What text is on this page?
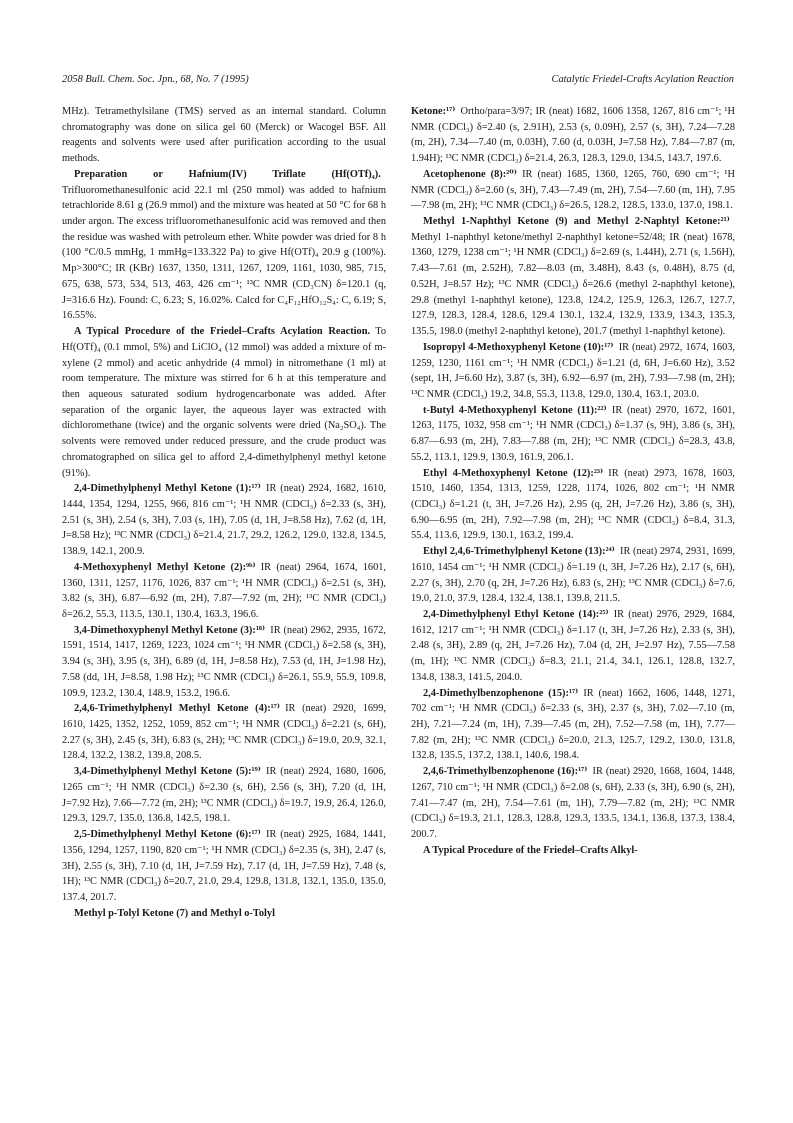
2058 Bull. Chem. Soc. Jpn., 68, No. 7 (1995)	Catalytic Friedel-Crafts Acylation Reaction

MHz). Tetramethylsilane (TMS) served as an internal standard. Column chromatography was done on silica gel 60 (Merck) or Wacogel B5F. All reagents and solvents were used after purification according to the usual methods.

Preparation or Hafnium(IV) Triflate (Hf(OTf)₄). Trifluoromethanesulfonic acid 22.1 ml (250 mmol) was added to hafnium tetrachloride 8.61 g (26.9 mmol) and the mixture was heated at 50 °C for 68 h under argon. The excess trifluoromethanesulfonic acid was removed and then the residue was washed with petroleum ether. White powder was dried for 8 h (100 °C/0.5 mmHg, 1 mmHg=133.322 Pa) to give Hf(OTf)₄ 20.9 g (100%). Mp>300°C; IR (KBr) 1637, 1350, 1311, 1267, 1209, 1161, 1030, 985, 715, 675, 638, 573, 534, 513, 463, 426 cm⁻¹; ¹³C NMR (CD₃CN) δ=120.1 (q, J=316.6 Hz). Found: C, 6.23; S, 16.02%. Calcd for C₄F₁₂HfO₁₂S₄: C, 6.19; S, 16.55%.

A Typical Procedure of the Friedel–Crafts Acylation Reaction.  To Hf(OTf)₄ (0.1 mmol, 5%) and LiClO₄ (12 mmol) was added a mixture of m-xylene (2 mmol) and acetic anhydride (4 mmol) in nitromethane (1 ml) at room temperature. The mixture was stirred for 6 h at this temperature and then aqueous saturated sodium hydrogencarbonate was added. After separation of the organic layer, the aqueous layer was extracted with dichloromethane (twice) and the organic solvents were dried (Na₂SO₄). The solvents were removed under reduced pressure, and the crude product was chromatographed on silica gel to afford 2,4-dimethylphenyl methyl ketone (91%).

2,4-Dimethylphenyl Methyl Ketone (1):¹⁷⁾  IR (neat) 2924, 1682, 1610, 1444, 1354, 1294, 1255, 966, 816 cm⁻¹; ¹H NMR (CDCl₃) δ=2.33 (s, 3H), 2.51 (s, 3H), 2.54 (s, 3H), 7.03 (s, 1H), 7.05 (d, 1H, J=8.58 Hz), 7.62 (d, 1H, J=8.58 Hz); ¹³C NMR (CDCl₃) δ=21.4, 21.7, 29.2, 126.2, 129.0, 132.8, 134.5, 138.9, 142.1, 200.9.

4-Methoxyphenyl Methyl Ketone (2):⁹ᵇ⁾  IR (neat) 2964, 1674, 1601, 1360, 1311, 1257, 1176, 1026, 837 cm⁻¹; ¹H NMR (CDCl₃) δ=2.51 (s, 3H), 3.82 (s, 3H), 6.87—6.92 (m, 2H), 7.87—7.92 (m, 2H); ¹³C NMR (CDCl₃) δ=26.2, 55.3, 113.5, 130.1, 130.4, 163.3, 196.6.

3,4-Dimethoxyphenyl Methyl Ketone (3):¹⁸⁾  IR (neat) 2962, 2935, 1672, 1591, 1514, 1417, 1269, 1223, 1024 cm⁻¹; ¹H NMR (CDCl₃) δ=2.58 (s, 3H), 3.94 (s, 3H), 3.95 (s, 3H), 6.89 (d, 1H, J=8.58 Hz), 7.53 (d, 1H, J=1.98 Hz), 7.58 (dd, 1H, J=8.58, 1.98 Hz); ¹³C NMR (CDCl₃) δ=26.1, 55.9, 55.9, 109.8, 109.9, 123.2, 130.4, 148.9, 153.2, 196.6.

2,4,6-Trimethylphenyl Methyl Ketone (4):¹⁷⁾  IR (neat) 2920, 1699, 1610, 1425, 1352, 1252, 1059, 852 cm⁻¹; ¹H NMR (CDCl₃) δ=2.21 (s, 6H), 2.27 (s, 3H), 2.45 (s, 3H), 6.83 (s, 2H); ¹³C NMR (CDCl₃) δ=19.0, 20.9, 32.1, 128.4, 132.2, 138.2, 139.8, 208.5.

3,4-Dimethylphenyl Methyl Ketone (5):¹⁹⁾  IR (neat) 2924, 1680, 1606, 1265 cm⁻¹; ¹H NMR (CDCl₃) δ=2.30 (s, 6H), 2.56 (s, 3H), 7.20 (d, 1H, J=7.92 Hz), 7.66—7.72 (m, 2H); ¹³C NMR (CDCl₃) δ=19.7, 19.9, 26.4, 126.0, 129.3, 129.7, 135.0, 136.8, 142.5, 198.1.

2,5-Dimethylphenyl Methyl Ketone (6):¹⁷⁾  IR (neat) 2925, 1684, 1441, 1356, 1294, 1257, 1190, 820 cm⁻¹; ¹H NMR (CDCl₃) δ=2.35 (s, 3H), 2.47 (s, 3H), 2.55 (s, 3H), 7.10 (d, 1H, J=7.59 Hz), 7.17 (d, 1H, J=7.59 Hz), 7.48 (s, 1H); ¹³C NMR (CDCl₃) δ=20.7, 21.0, 29.4, 129.8, 131.8, 132.1, 135.0, 135.0, 137.4, 201.7.

Methyl p-Tolyl Ketone (7) and Methyl o-Tolyl

Ketone:¹⁷⁾  Ortho/para=3/97; IR (neat) 1682, 1606 1358, 1267, 816 cm⁻¹; ¹H NMR (CDCl₃) δ=2.40 (s, 2.91H), 2.53 (s, 0.09H), 2.57 (s, 3H), 7.24—7.28 (m, 2H), 7.34—7.40 (m, 0.03H), 7.60 (d, 0.03H, J=7.58 Hz), 7.84—7.87 (m, 1.94H); ¹³C NMR (CDCl₃) δ=21.4, 26.3, 128.3, 129.0, 134.5, 143.7, 197.6.

Acetophenone (8):²⁰⁾  IR (neat) 1685, 1360, 1265, 760, 690 cm⁻¹; ¹H NMR (CDCl₃) δ=2.60 (s, 3H), 7.43—7.49 (m, 2H), 7.54—7.60 (m, 1H), 7.95—7.98 (m, 2H); ¹³C NMR (CDCl₃) δ=26.5, 128.2, 128.5, 133.0, 137.0, 198.1.

Methyl 1-Naphthyl Ketone (9) and Methyl 2-Naphtyl Ketone:²¹⁾ Methyl 1-naphthyl ketone/methyl 2-naphthyl ketone=52/48; IR (neat) 1678, 1360, 1279, 1238 cm⁻¹; ¹H NMR (CDCl₃) δ=2.69 (s, 1.44H), 2.71 (s, 1.56H), 7.43—7.61 (m, 2.52H), 7.82—8.03 (m, 3.48H), 8.43 (s, 0.48H), 8.75 (d, 0.52H, J=8.57 Hz); ¹³C NMR (CDCl₃) δ=26.6 (methyl 2-naphthyl ketone), 29.8 (methyl 1-naphthyl ketone), 123.8, 124.2, 125.9, 126.3, 126.7, 127.7, 127.9, 128.3, 128.4, 128.6, 129.4 130.1, 132.4, 132.9, 133.9, 134.3, 135.3, 135.5, 198.0 (methyl 2-naphthyl ketone), 201.7 (methyl 1-naphthyl ketone).

Isopropyl 4-Methoxyphenyl Ketone (10):¹⁷⁾  IR (neat) 2972, 1674, 1603, 1259, 1230, 1161 cm⁻¹; ¹H NMR (CDCl₃) δ=1.21 (d, 6H, J=6.60 Hz), 3.52 (sept, 1H, J=6.60 Hz), 3.87 (s, 3H), 6.92—6.97 (m, 2H), 7.93—7.98 (m, 2H); ¹³C NMR (CDCl₃) 19.2, 34.8, 55.3, 113.8, 129.0, 130.4, 163.1, 203.0.

t-Butyl 4-Methoxyphenyl Ketone (11):²²⁾  IR (neat) 2970, 1672, 1601, 1263, 1175, 1032, 958 cm⁻¹; ¹H NMR (CDCl₃) δ=1.37 (s, 9H), 3.86 (s, 3H), 6.87—6.93 (m, 2H), 7.83—7.88 (m, 2H); ¹³C NMR (CDCl₃) δ=28.3, 43.8, 55.2, 113.1, 129.9, 130.9, 161.9, 206.1.

Ethyl 4-Methoxyphenyl Ketone (12):²³⁾  IR (neat) 2973, 1678, 1603, 1510, 1460, 1354, 1313, 1259, 1228, 1174, 1026, 802 cm⁻¹; ¹H NMR (CDCl₃) δ=1.21 (t, 3H, J=7.26 Hz), 2.95 (q, 2H, J=7.26 Hz), 3.86 (s, 3H), 6.90—6.95 (m, 2H), 7.92—7.98 (m, 2H); ¹³C NMR (CDCl₃) δ=8.4, 31.3, 55.4, 113.6, 129.9, 130.1, 163.2, 199.4.

Ethyl 2,4,6-Trimethylphenyl Ketone (13):²⁴⁾  IR (neat) 2974, 2931, 1699, 1610, 1454 cm⁻¹; ¹H NMR (CDCl₃) δ=1.19 (t, 3H, J=7.26 Hz), 2.17 (s, 6H), 2.27 (s, 3H), 2.70 (q, 2H, J=7.26 Hz), 6.83 (s, 2H); ¹³C NMR (CDCl₃) δ=7.6, 19.0, 21.0, 37.9, 128.4, 132.4, 138.1, 139.8, 211.5.

2,4-Dimethylphenyl Ethyl Ketone (14):²⁵⁾  IR (neat) 2976, 2929, 1684, 1612, 1217 cm⁻¹; ¹H NMR (CDCl₃) δ=1.17 (t, 3H, J=7.26 Hz), 2.33 (s, 3H), 2.48 (s, 3H), 2.89 (q, 2H, J=7.26 Hz), 7.04 (d, 2H, J=2.97 Hz), 7.55—7.58 (m, 1H); ¹³C NMR (CDCl₃) δ=8.3, 21.1, 21.4, 34.1, 126.1, 128.8, 132.7, 134.8, 138.3, 141.5, 204.0.

2,4-Dimethylbenzophenone (15):¹⁷⁾  IR (neat) 1662, 1606, 1448, 1271, 702 cm⁻¹; ¹H NMR (CDCl₃) δ=2.33 (s, 3H), 2.37 (s, 3H), 7.02—7.10 (m, 2H), 7.21—7.24 (m, 1H), 7.39—7.45 (m, 2H), 7.52—7.58 (m, 1H), 7.77—7.82 (m, 2H); ¹³C NMR (CDCl₃) δ=20.0, 21.3, 125.7, 129.2, 130.0, 131.8, 132.8, 135.5, 137.2, 138.1, 140.6, 198.4.

2,4,6-Trimethylbenzophenone (16):¹⁷⁾  IR (neat) 2920, 1668, 1604, 1448, 1267, 710 cm⁻¹; ¹H NMR (CDCl₃) δ=2.08 (s, 6H), 2.33 (s, 3H), 6.90 (s, 2H), 7.41—7.47 (m, 2H), 7.54—7.61 (m, 1H), 7.79—7.82 (m, 2H); ¹³C NMR (CDCl₃) δ=19.3, 21.1, 128.3, 128.8, 129.3, 133.5, 134.1, 136.8, 137.3, 138.4, 200.7.

A Typical Procedure of the Friedel–Crafts Alkyl-
